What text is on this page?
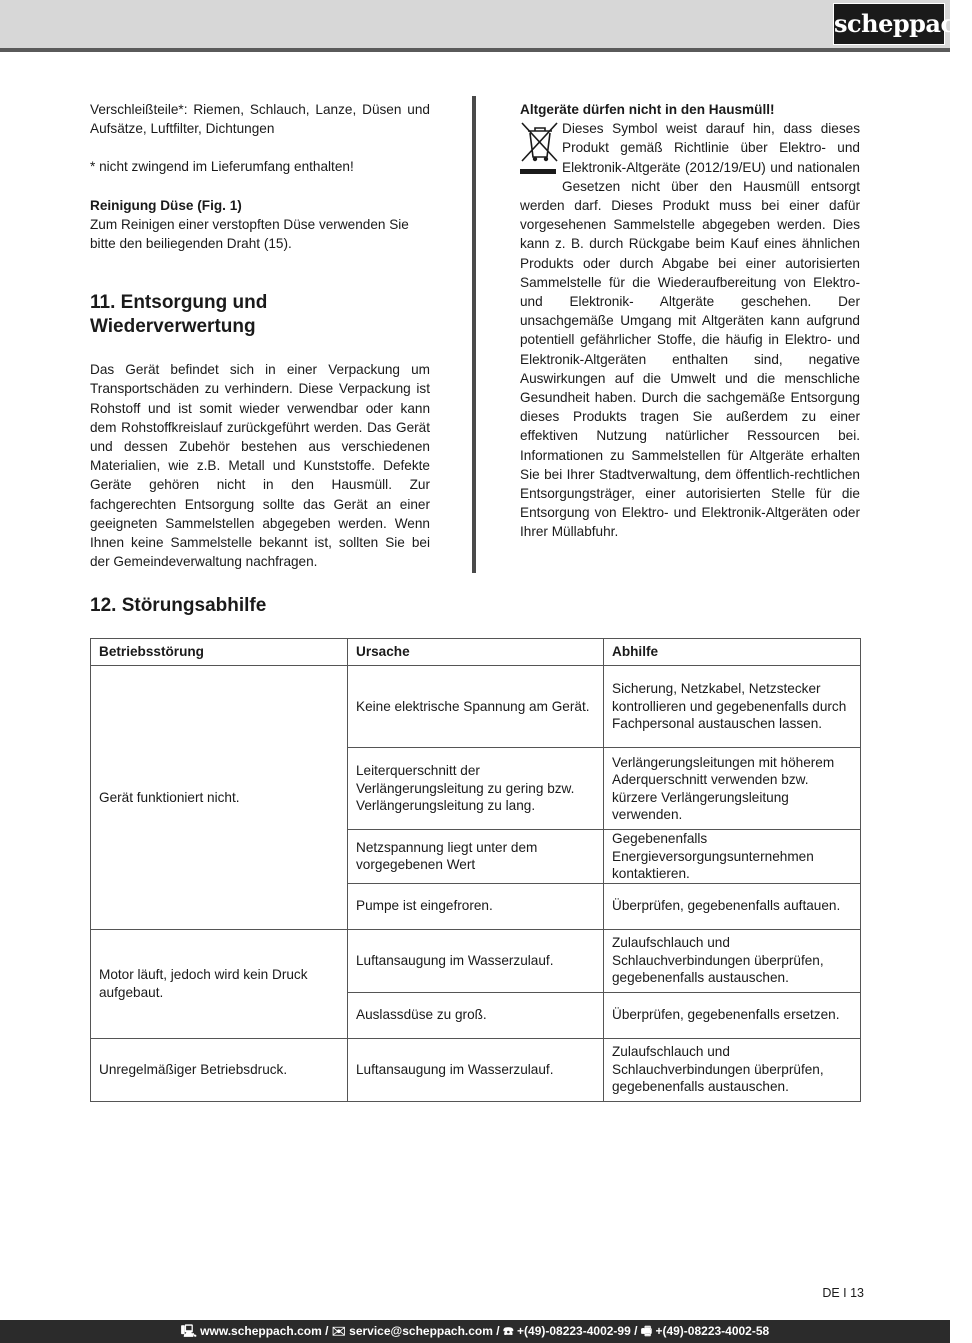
scheppach

Verschleißteile*: Riemen, Schlauch, Lanze, Düsen und Aufsätze, Luftfilter, Dichtungen

* nicht zwingend im Lieferumfang enthalten!

Reinigung Düse (Fig. 1)

Zum Reinigen einer verstopften Düse verwenden Sie bitte den beiliegenden Draht (15).

11. Entsorgung und Wiederverwertung

Das Gerät befindet sich in einer Verpackung um Transportschäden zu verhindern. Diese Verpackung ist Rohstoff und ist somit wieder verwendbar oder kann dem Rohstoffkreislauf zurückgeführt werden. Das Gerät und dessen Zubehör bestehen aus verschiedenen Materialien, wie z.B. Metall und Kunststoffe. Defekte Geräte gehören nicht in den Hausmüll. Zur fachgerechten Entsorgung sollte das Gerät an einer geeigneten Sammelstellen abgegeben werden. Wenn Ihnen keine Sammelstelle bekannt ist, sollten Sie bei der Gemeindeverwaltung nachfragen.

Altgeräte dürfen nicht in den Hausmüll!

Dieses Symbol weist darauf hin, dass dieses Produkt gemäß Richtlinie über Elektro- und Elektronik-Altgeräte (2012/19/EU) und nationalen Gesetzen nicht über den Hausmüll entsorgt werden darf. Dieses Produkt muss bei einer dafür vorgesehenen Sammelstelle abgegeben werden. Dies kann z. B. durch Rückgabe beim Kauf eines ähnlichen Produkts oder durch Abgabe bei einer autorisierten Sammelstelle für die Wiederaufbereitung von Elektro- und Elektronik- Altgeräte geschehen. Der unsachgemäße Umgang mit Altgeräten kann aufgrund potentiell gefährlicher Stoffe, die häufig in Elektro- und Elektronik-Altgeräten enthalten sind, negative Auswirkungen auf die Umwelt und die menschliche Gesundheit haben. Durch die sachgemäße Entsorgung dieses Produkts tragen Sie außerdem zu einer effektiven Nutzung natürlicher Ressourcen bei. Informationen zu Sammelstellen für Altgeräte erhalten Sie bei Ihrer Stadtverwaltung, dem öffentlich-rechtlichen Entsorgungsträger, einer autorisierten Stelle für die Entsorgung von Elektro- und Elektronik-Altgeräten oder Ihrer Müllabfuhr.

12. Störungsabhilfe
Betriebsstörung	Ursache	Abhilfe
Gerät funktioniert nicht.	Keine elektrische Spannung am Gerät.	Sicherung, Netzkabel, Netzstecker kontrollieren und gegebenenfalls durch Fachpersonal austauschen lassen.
	Leiterquerschnitt der Verlängerungsleitung zu gering bzw. Verlängerungsleitung zu lang.	Verlängerungsleitungen mit höherem Aderquerschnitt verwenden bzw. kürzere Verlängerungsleitung verwenden.
	Netzspannung liegt unter dem vorgegebenen Wert	Gegebenenfalls Energieversorgungsunternehmen kontaktieren.
	Pumpe ist eingefroren.	Überprüfen, gegebenenfalls auftauen.
Motor läuft, jedoch wird kein Druck aufgebaut.	Luftansaugung im Wasserzulauf.	Zulaufschlauch und Schlauchverbindungen überprüfen, gegebenenfalls austauschen.
	Auslassdüse zu groß.	Überprüfen, gegebenenfalls ersetzen.
Unregelmäßiger Betriebsdruck.	Luftansaugung im Wasserzulauf.	Zulaufschlauch und Schlauchverbindungen überprüfen, gegebenenfalls austauschen.
DE I 13
🖳 www.scheppach.com / ✉ service@scheppach.com / ☎ +(49)-08223-4002-99 / 🖷 +(49)-08223-4002-58
